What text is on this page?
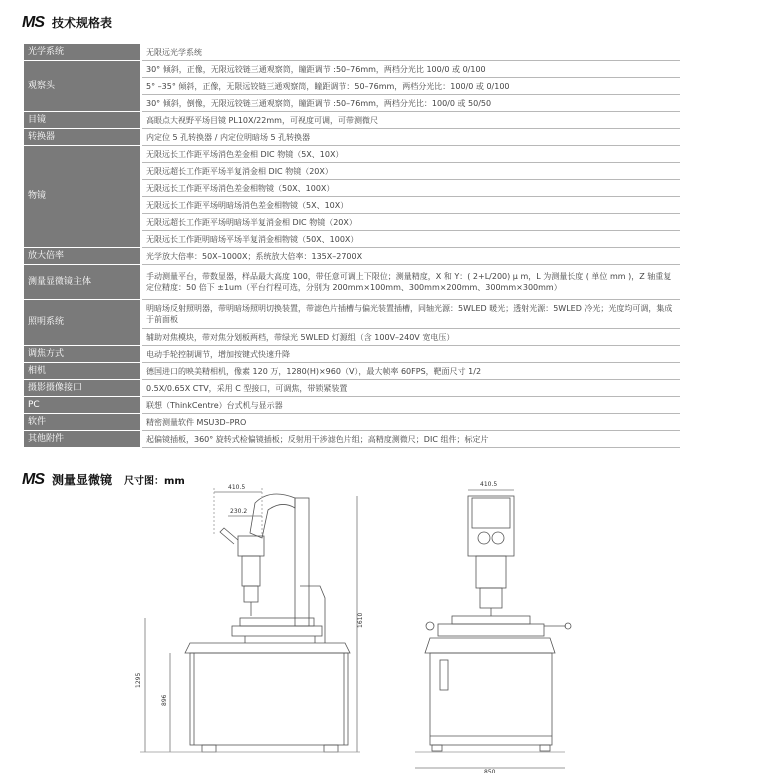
MS 技术规格表
光学系统	无限远光学系统
观察头	30° 倾斜，正像，无限远铰链三通观察筒，瞳距调节 :50–76mm，两档分光比 100/0 或 0/100
	5° –35° 倾斜，正像，无限远铰链三通观察筒，瞳距调节：50–76mm，两档分光比：100/0 或 0/100
	30° 倾斜，倒像，无限远铰链三通观察筒，瞳距调节 :50–76mm，两档分光比：100/0 或 50/50
目镜	高眼点大视野平场目镜 PL10X/22mm，可视度可调，可带测微尺
转换器	内定位 5 孔转换器 / 内定位明暗场 5 孔转换器
物镜	无限远长工作距平场消色差金相 DIC 物镜（5X、10X）
	无限远超长工作距平场半复消金相 DIC 物镜（20X）
	无限远长工作距平场消色差金相物镜（50X、100X）
	无限远长工作距平场明暗场消色差金相物镜（5X、10X）
	无限远超长工作距平场明暗场半复消金相 DIC 物镜（20X）
	无限远长工作距明暗场平场半复消金相物镜（50X、100X）
放大倍率	光学放大倍率：50X–1000X；系统放大倍率：135X–2700X
测量显微镜主体	手动测量平台，带数显器，样品最大高度 100，带任意可调上下限位；测量精度，X 和 Y：( 2+L/200) μ m，L 为测量长度 ( 单位 mm )，Z 轴重复定位精度：50 倍下 ±1um（平台行程可选，分别为 200mm×100mm、300mm×200mm、300mm×300mm）
照明系统	明暗场反射照明器，带明暗场照明切换装置，带滤色片插槽与偏光装置插槽，同轴光源：5WLED 暖光；透射光源：5WLED 冷光；光度均可调，集成于前面板
	辅助对焦模块，带对焦分划板两档，带绿光 5WLED 灯源组（含 100V–240V 宽电压）
调焦方式	电动手轮控制调节，增加按键式快速升降
相机	德国进口的映美精相机，像素 120 万，1280(H)×960（V），最大帧率 60FPS，靶面尺寸 1/2
摄影摄像接口	0.5X/0.65X CTV，采用 C 型接口，可调焦，带锁紧装置
PC	联想（ThinkCentre）台式机与显示器
软件	精密测量软件 MSU3D–PRO
其他附件	起偏镜插板，360° 旋转式检偏镜插板；反射用干涉滤色片组；高精度测微尺；DIC 组件；标定片
MS 测量显微镜 尺寸图：mm
410.5
230.2
1610
1295
896
410.5
850
